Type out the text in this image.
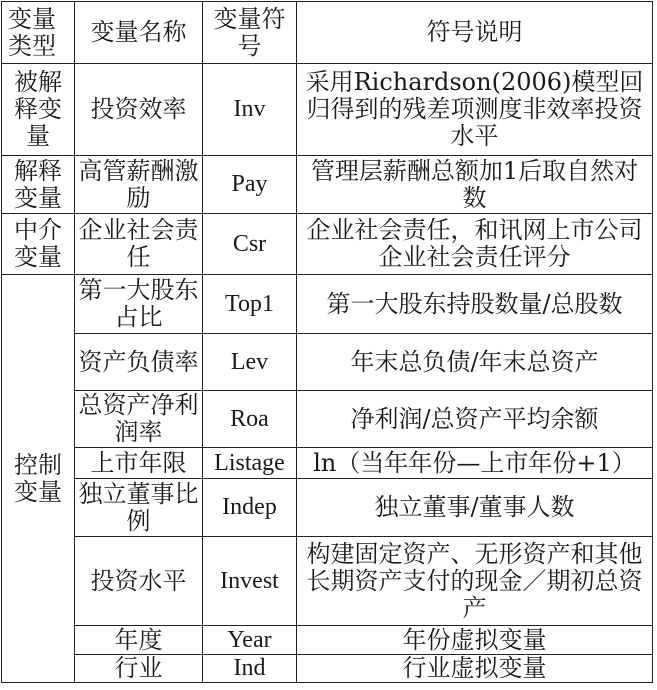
变量类型	变量名称	变量符号	符号说明
被解释变量	投资效率	Inv	采用Richardson(2006)模型回归得到的残差项测度非效率投资水平
解释变量	高管薪酬激励	Pay	管理层薪酬总额加1后取自然对数
中介变量	企业社会责任	Csr	企业社会责任，和讯网上市公司企业社会责任评分
控制变量	第一大股东占比	Top1	第一大股东持股数量/总股数
	资产负债率	Lev	年末总负债/年末总资产
	总资产净利润率	Roa	净利润/总资产平均余额
	上市年限	Listage	ln（当年年份—上市年份+1）
	独立董事比例	Indep	独立董事/董事人数
	投资水平	Invest	构建固定资产、无形资产和其他长期资产支付的现金／期初总资产
	年度	Year	年份虚拟变量
	行业	Ind	行业虚拟变量
